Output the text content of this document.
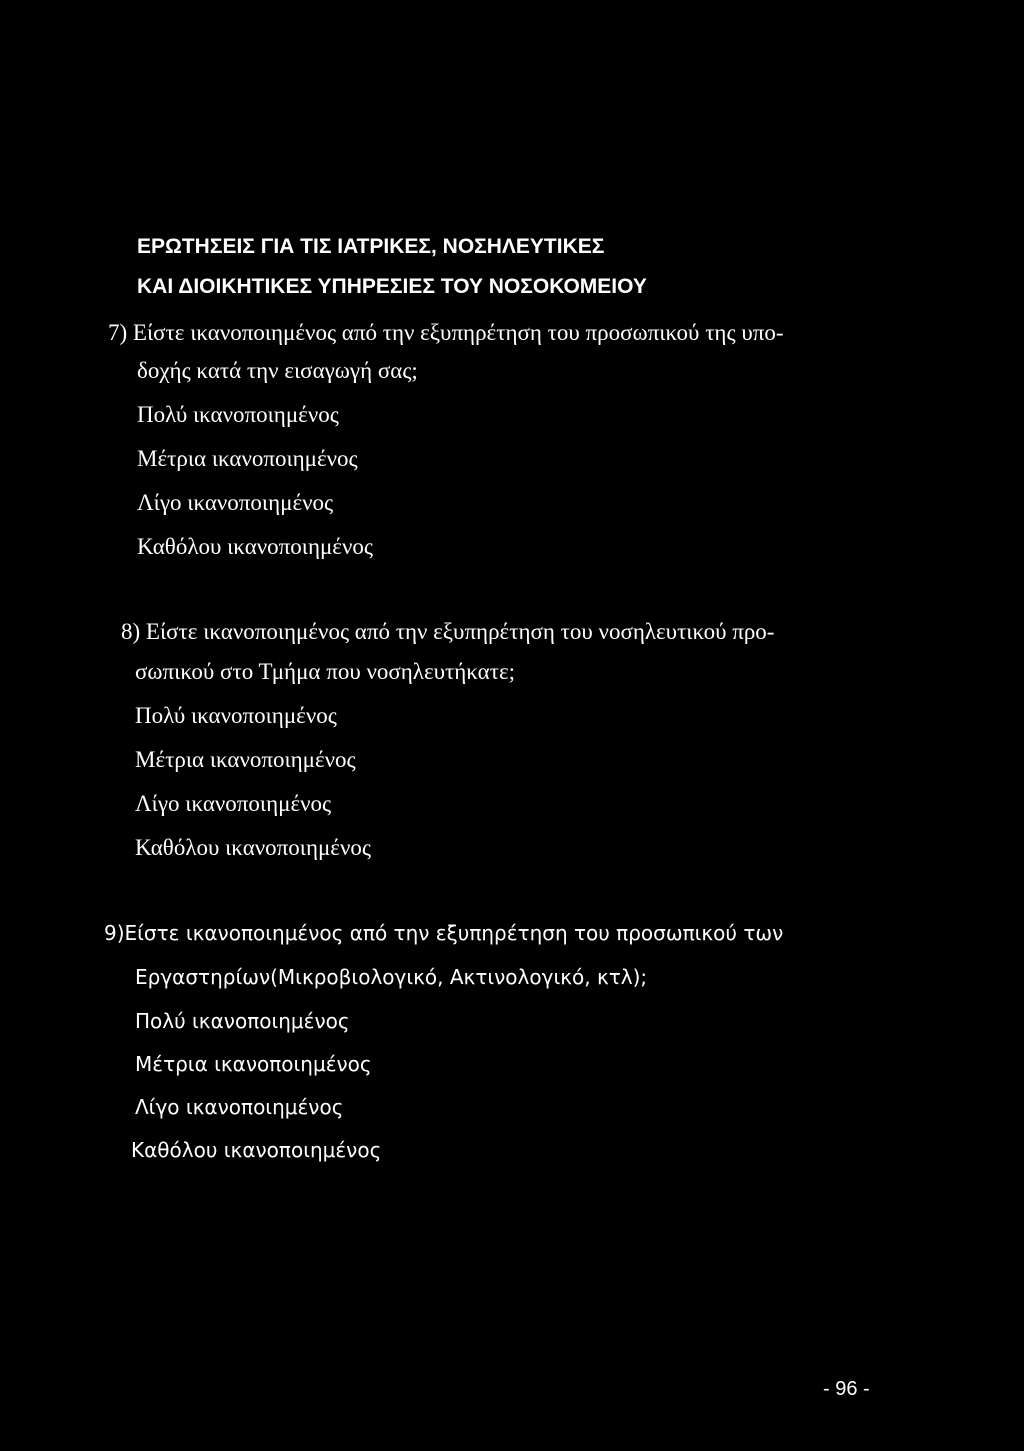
ΕΡΩΤΗΣΕΙΣ ΓΙΑ ΤΙΣ ΙΑΤΡΙΚΕΣ, ΝΟΣΗΛΕΥΤΙΚΕΣ

ΚΑΙ ΔΙΟΙΚΗΤΙΚΕΣ ΥΠΗΡΕΣΙΕΣ ΤΟΥ ΝΟΣΟΚΟΜΕΙΟΥ

7) Είστε ικανοποιημένος από την εξυπηρέτηση του προσωπικού της υπο-

δοχής κατά την εισαγωγή σας;

Πολύ ικανοποιημένος

Μέτρια ικανοποιημένος

Λίγο ικανοποιημένος

Καθόλου ικανοποιημένος

8) Είστε ικανοποιημένος από την εξυπηρέτηση του νοσηλευτικού προ-

σωπικού στο Τμήμα που νοσηλευτήκατε;

Πολύ ικανοποιημένος

Μέτρια ικανοποιημένος

Λίγο ικανοποιημένος

Καθόλου ικανοποιημένος

9)Είστε ικανοποιημένος από την εξυπηρέτηση του προσωπικού των

Εργαστηρίων(Μικροβιολογικό, Ακτινολογικό, κτλ);

Πολύ ικανοποιημένος

Μέτρια ικανοποιημένος

Λίγο ικανοποιημένος

Καθόλου ικανοποιημένος

- 96 -
